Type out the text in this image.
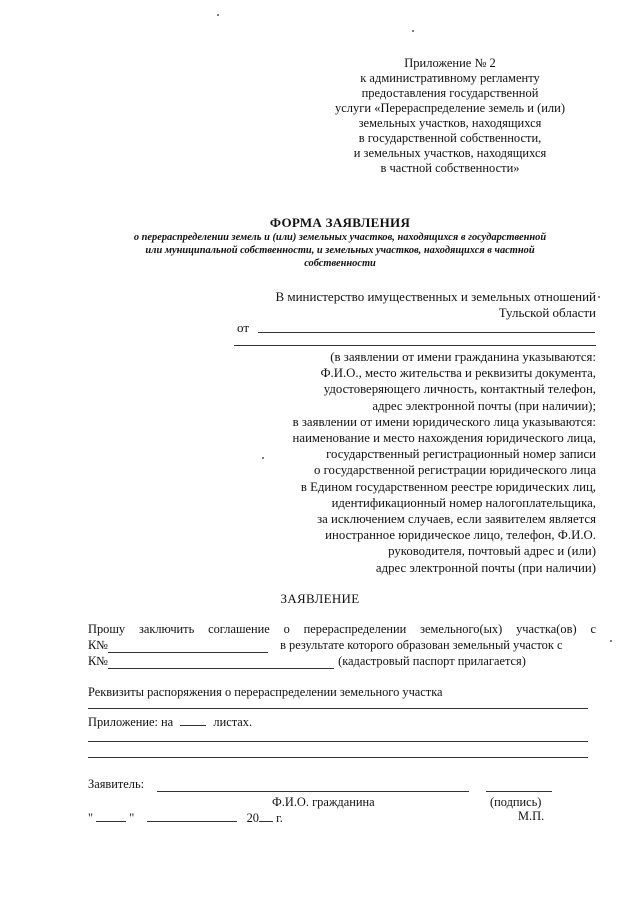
Приложение № 2
к административному регламенту
предоставления государственной
услуги «Перераспределение земель и (или)
земельных участков, находящихся
в государственной собственности,
и земельных участков, находящихся
в частной собственности»
ФОРМА ЗАЯВЛЕНИЯ
о перераспределении земель и (или) земельных участков, находящихся в государственной
или муниципальной собственности, и земельных участков, находящихся в частной
собственности
В министерство имущественных и земельных отношений
Тульской области
от
(в заявлении от имени гражданина указываются:
Ф.И.О., место жительства и реквизиты документа,
удостоверяющего личность, контактный телефон,
адрес электронной почты (при наличии);
в заявлении от имени юридического лица указываются:
наименование и место нахождения юридического лица,
государственный регистрационный номер записи
о государственной регистрации юридического лица
в Едином государственном реестре юридических лиц,
идентификационный номер налогоплательщика,
за исключением случаев, если заявителем является
иностранное юридическое лицо, телефон, Ф.И.О.
руководителя, почтовый адрес и (или)
адрес электронной почты (при наличии)
ЗАЯВЛЕНИЕ
Прошу заключить соглашение о перераспределении земельного(ых) участка(ов) с
К№	в результате которого образован земельный участок с
К№	(кадастровый паспорт прилагается)
Реквизиты распоряжения о перераспределении земельного участка
Приложение: на	листах.
Заявитель:
Ф.И.О. гражданина	(подпись)
"	"	20 г.	М.П.
